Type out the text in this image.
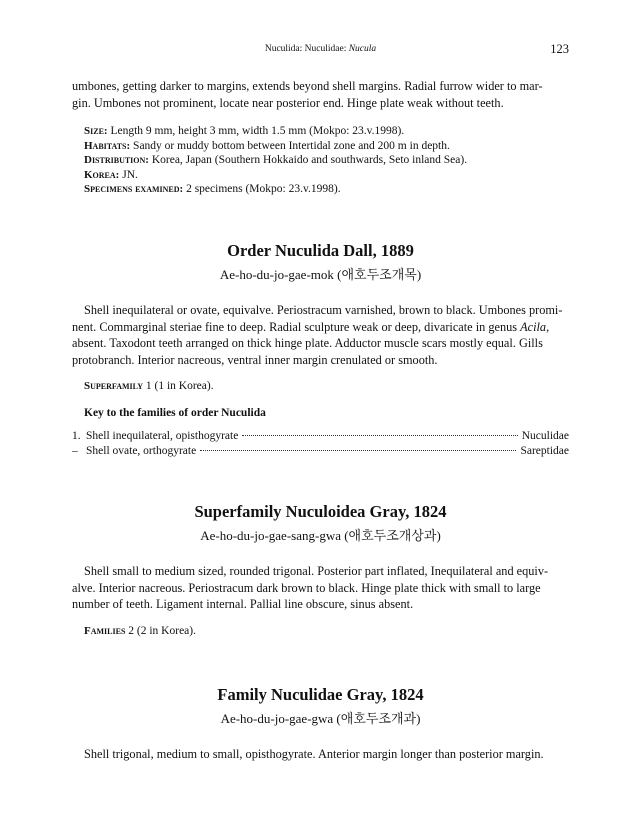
Nuculida: Nuculidae: Nucula	123
umbones, getting darker to margins, extends beyond shell margins. Radial furrow wider to mar-
gin. Umbones not prominent, locate near posterior end. Hinge plate weak without teeth.
Size: Length 9 mm, height 3 mm, width 1.5 mm (Mokpo: 23.v.1998).
Habitats: Sandy or muddy bottom between Intertidal zone and 200 m in depth.
Distribution: Korea, Japan (Southern Hokkaido and southwards, Seto inland Sea).
Korea: JN.
Specimens examined: 2 specimens (Mokpo: 23.v.1998).
Order Nuculida Dall, 1889
Ae-ho-du-jo-gae-mok (애호두조개목)
Shell inequilateral or ovate, equivalve. Periostracum varnished, brown to black. Umbones promi-
nent. Commarginal steriae fine to deep. Radial sculpture weak or deep, divaricate in genus Acila,
absent. Taxodont teeth arranged on thick hinge plate. Adductor muscle scars mostly equal. Gills
protobranch. Interior nacreous, ventral inner margin crenulated or smooth.
Superfamily 1 (1 in Korea).
Key to the families of order Nuculida
1. Shell inequilateral, opisthogyrate	Nuculidae
– Shell ovate, orthogyrate	Sareptidae
Superfamily Nuculoidea Gray, 1824
Ae-ho-du-jo-gae-sang-gwa (애호두조개상과)
Shell small to medium sized, rounded trigonal. Posterior part inflated, Inequilateral and equiv-
alve. Interior nacreous. Periostracum dark brown to black. Hinge plate thick with small to large
number of teeth. Ligament internal. Pallial line obscure, sinus absent.
Families 2 (2 in Korea).
Family Nuculidae Gray, 1824
Ae-ho-du-jo-gae-gwa (애호두조개과)
Shell trigonal, medium to small, opisthogyrate. Anterior margin longer than posterior margin.
